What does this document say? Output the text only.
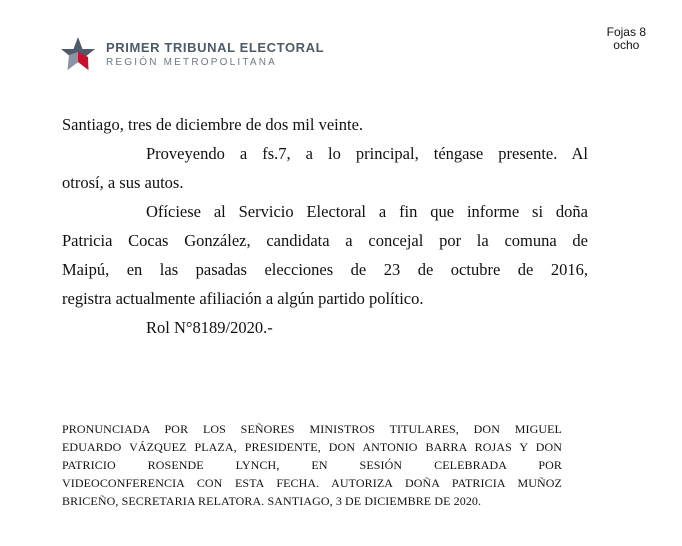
Fojas 8
ocho
PRIMER TRIBUNAL ELECTORAL
REGIÓN METROPOLITANA

Santiago, tres de diciembre de dos mil veinte.

Proveyendo a fs.7, a lo principal, téngase presente. Al

otrosí, a sus autos.

Ofíciese al Servicio Electoral a fin que informe si doña

Patricia Cocas González, candidata a concejal por la comuna de

Maipú, en las pasadas elecciones de 23 de octubre de 2016,

registra actualmente afiliación a algún partido político.

Rol N°8189/2020.-

PRONUNCIADA POR LOS SEÑORES MINISTROS TITULARES, DON MIGUEL
EDUARDO VÁZQUEZ PLAZA, PRESIDENTE, DON ANTONIO BARRA ROJAS Y DON
PATRICIO ROSENDE LYNCH, EN SESIÓN CELEBRADA POR
VIDEOCONFERENCIA CON ESTA FECHA. AUTORIZA DOÑA PATRICIA MUÑOZ
BRICEÑO, SECRETARIA RELATORA. SANTIAGO, 3 DE DICIEMBRE DE 2020.
